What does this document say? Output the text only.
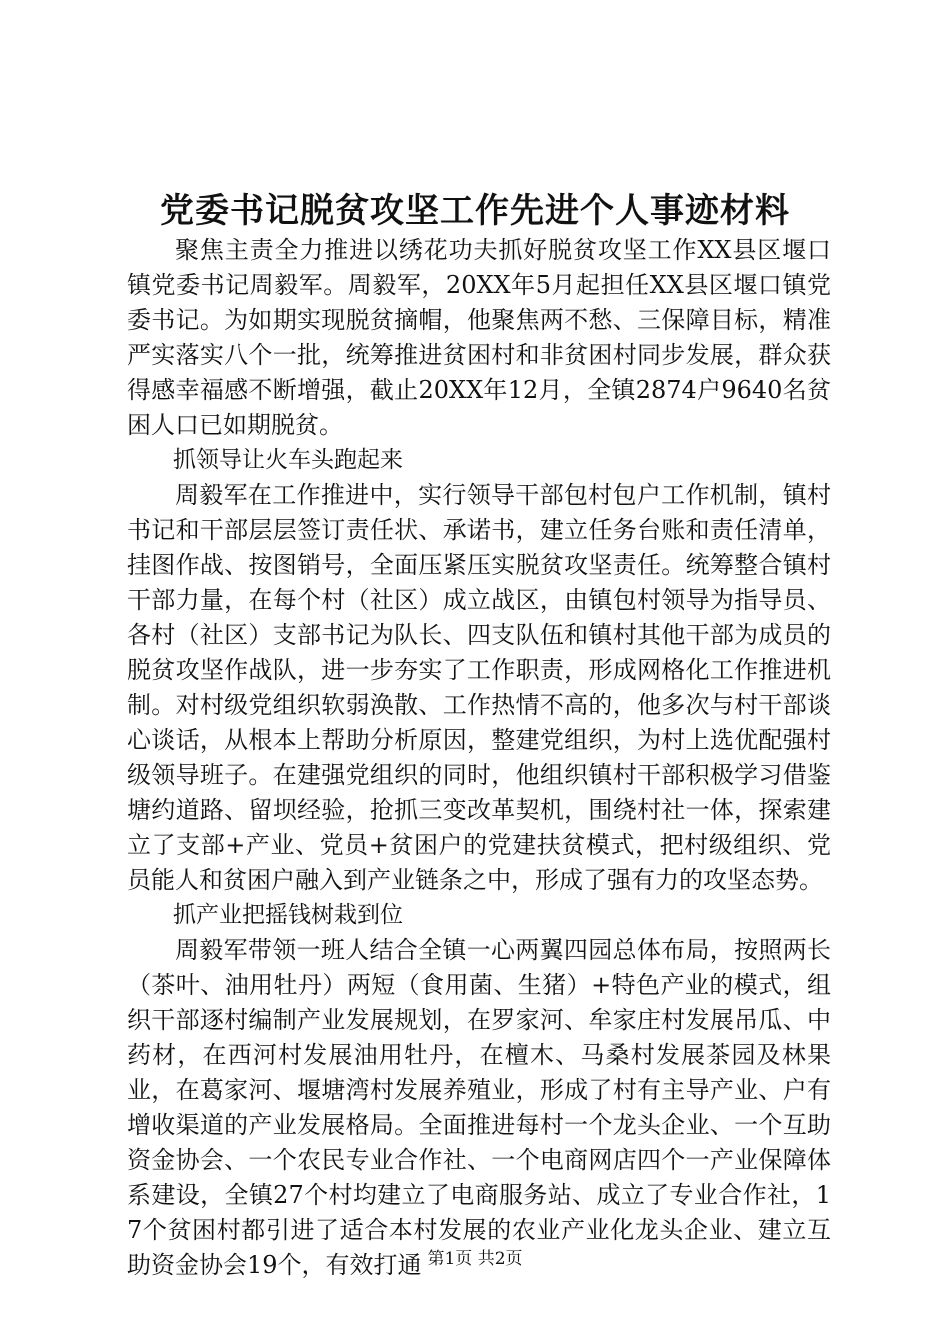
党委书记脱贫攻坚工作先进个人事迹材料

聚焦主责全力推进以绣花功夫抓好脱贫攻坚工作XX县区堰口镇党委书记周毅军。周毅军，20XX年5月起担任XX县区堰口镇党委书记。为如期实现脱贫摘帽，他聚焦两不愁、三保障目标，精准严实落实八个一批，统筹推进贫困村和非贫困村同步发展，群众获得感幸福感不断增强，截止20XX年12月，全镇2874户9640名贫困人口已如期脱贫。

抓领导让火车头跑起来

周毅军在工作推进中，实行领导干部包村包户工作机制，镇村书记和干部层层签订责任状、承诺书，建立任务台账和责任清单，挂图作战、按图销号，全面压紧压实脱贫攻坚责任。统筹整合镇村干部力量，在每个村（社区）成立战区，由镇包村领导为指导员、各村（社区）支部书记为队长、四支队伍和镇村其他干部为成员的脱贫攻坚作战队，进一步夯实了工作职责，形成网格化工作推进机制。对村级党组织软弱涣散、工作热情不高的，他多次与村干部谈心谈话，从根本上帮助分析原因，整建党组织，为村上选优配强村级领导班子。在建强党组织的同时，他组织镇村干部积极学习借鉴塘约道路、留坝经验，抢抓三变改革契机，围绕村社一体，探索建立了支部+产业、党员+贫困户的党建扶贫模式，把村级组织、党员能人和贫困户融入到产业链条之中，形成了强有力的攻坚态势。

抓产业把摇钱树栽到位

周毅军带领一班人结合全镇一心两翼四园总体布局，按照两长（茶叶、油用牡丹）两短（食用菌、生猪）+特色产业的模式，组织干部逐村编制产业发展规划，在罗家河、牟家庄村发展吊瓜、中药材，在西河村发展油用牡丹，在檀木、马桑村发展茶园及林果业，在葛家河、堰塘湾村发展养殖业，形成了村有主导产业、户有增收渠道的产业发展格局。全面推进每村一个龙头企业、一个互助资金协会、一个农民专业合作社、一个电商网店四个一产业保障体系建设，全镇27个村均建立了电商服务站、成立了专业合作社，17个贫困村都引进了适合本村发展的农业产业化龙头企业、建立互助资金协会19个，有效打通 第1页 共2页
